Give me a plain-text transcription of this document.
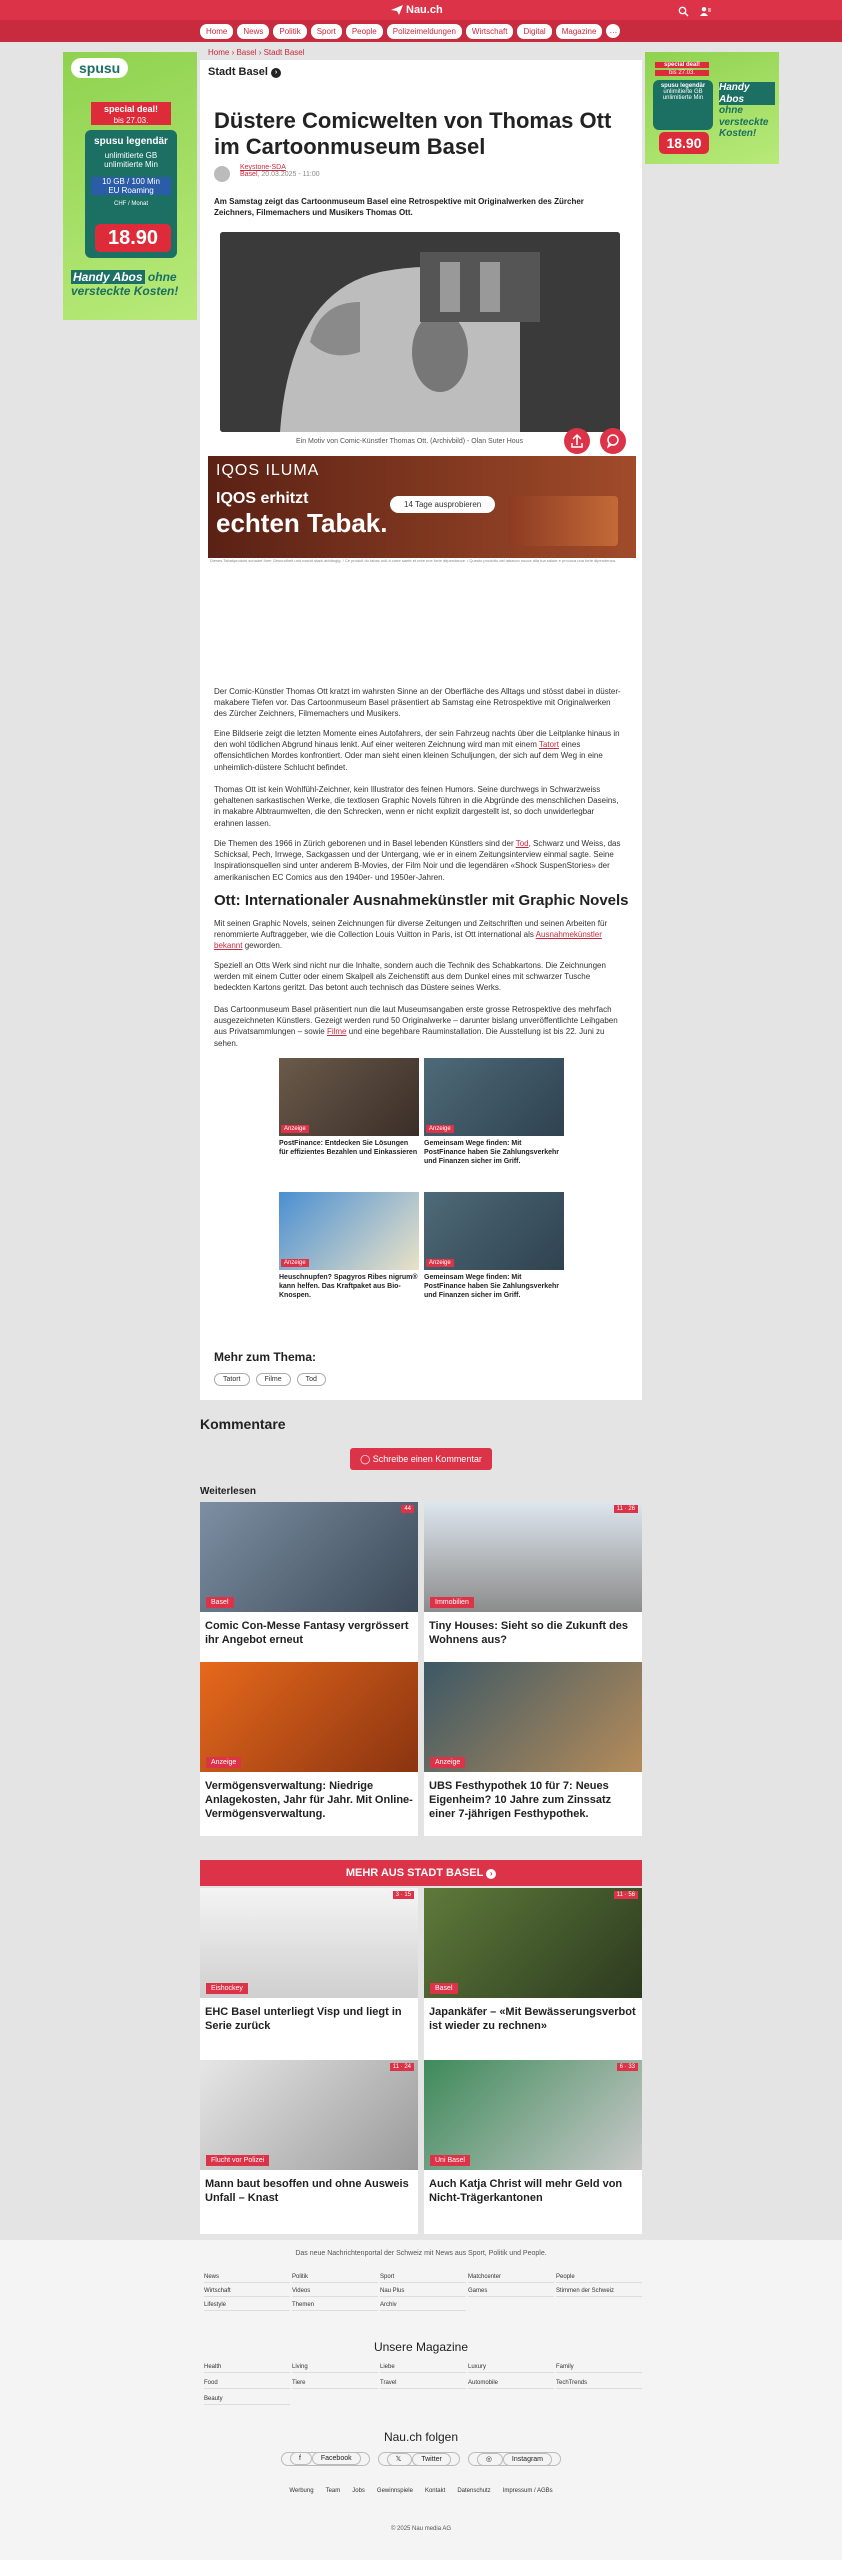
Nau.ch

Home	News	Politik	Sport	People	Polizeimeldungen	Wirtschaft	Digital	Magazine	…
spusu
special deal!
bis 27.03.
spusu legendär
unlimitierte GB
unlimitierte Min
10 GB / 100 Min
EU Roaming
CHF / Monat
18.90
Handy Abos ohne
versteckte Kosten!
special deal!
bis 27.03.
spusu legendär
unlimitierte GB
unlimitierte Min
18.90
Handy Abos
ohne
versteckte
Kosten!
Home › Basel › Stadt Basel
Stadt Basel ›
Düstere Comicwelten von Thomas Ott im Cartoonmuseum Basel
Keystone-SDA
Basel, 20.03.2025 - 11:00
Am Samstag zeigt das Cartoonmuseum Basel eine Retrospektive mit Originalwerken des Zürcher Zeichners, Filmemachers und Musikers Thomas Ott.
Ein Motiv von Comic-Künstler Thomas Ott. (Archivbild) - Olan Suter Hous
IQOS ILUMA
IQOS erhitzt
echten Tabak.
14 Tage ausprobieren
Dieses Tabakprodukt schadet Ihrer Gesundheit und macht stark abhängig. / Ce produit du tabac nuit à votre santé et crée une forte dépendance. / Questo prodotto del tabacco nuoce alla tua salute e provoca una forte dipendenza.

Der Comic-Künstler Thomas Ott kratzt im wahrsten Sinne an der Oberfläche des Alltags und stösst dabei in düster-makabere Tiefen vor. Das Cartoonmuseum Basel präsentiert ab Samstag eine Retrospektive mit Originalwerken des Zürcher Zeichners, Filmemachers und Musikers.

Eine Bildserie zeigt die letzten Momente eines Autofahrers, der sein Fahrzeug nachts über die Leitplanke hinaus in den wohl tödlichen Abgrund hinaus lenkt. Auf einer weiteren Zeichnung wird man mit einem Tatort eines offensichtlichen Mordes konfrontiert. Oder man sieht einen kleinen Schuljungen, der sich auf dem Weg in eine unheimlich-düstere Schlucht befindet.

Thomas Ott ist kein Wohlfühl-Zeichner, kein Illustrator des feinen Humors. Seine durchwegs in Schwarzweiss gehaltenen sarkastischen Werke, die textlosen Graphic Novels führen in die Abgründe des menschlichen Daseins, in makabre Albtraumwelten, die den Schrecken, wenn er nicht explizit dargestellt ist, so doch unwiderlegbar erahnen lassen.

Die Themen des 1966 in Zürich geborenen und in Basel lebenden Künstlers sind der Tod, Schwarz und Weiss, das Schicksal, Pech, Irrwege, Sackgassen und der Untergang, wie er in einem Zeitungsinterview einmal sagte. Seine Inspirationsquellen sind unter anderem B-Movies, der Film Noir und die legendären «Shock SuspenStories» der amerikanischen EC Comics aus den 1940er- und 1950er-Jahren.

Ott: Internationaler Ausnahmekünstler mit Graphic Novels

Mit seinen Graphic Novels, seinen Zeichnungen für diverse Zeitungen und Zeitschriften und seinen Arbeiten für renommierte Auftraggeber, wie die Collection Louis Vuitton in Paris, ist Ott international als Ausnahmekünstler bekannt geworden.

Speziell an Otts Werk sind nicht nur die Inhalte, sondern auch die Technik des Schabkartons. Die Zeichnungen werden mit einem Cutter oder einem Skalpell als Zeichenstift aus dem Dunkel eines mit schwarzer Tusche bedeckten Kartons geritzt. Das betont auch technisch das Düstere seines Werks.

Das Cartoonmuseum Basel präsentiert nun die laut Museumsangaben erste grosse Retrospektive des mehrfach ausgezeichneten Künstlers. Gezeigt werden rund 50 Originalwerke – darunter bislang unveröffentlichte Leihgaben aus Privatsammlungen – sowie Filme und eine begehbare Rauminstallation. Die Ausstellung ist bis 22. Juni zu sehen.

Anzeige
PostFinance: Entdecken Sie Lösungen für effizientes Bezahlen und Einkassieren
Anzeige
Gemeinsam Wege finden: Mit PostFinance haben Sie Zahlungsverkehr und Finanzen sicher im Griff.
Anzeige
Heuschnupfen? Spagyros Ribes nigrum® kann helfen. Das Kraftpaket aus Bio-Knospen.
Anzeige
Gemeinsam Wege finden: Mit PostFinance haben Sie Zahlungsverkehr und Finanzen sicher im Griff.
Mehr zum Thema:
Tatort	Filme	Tod
Kommentare
◯ Schreibe einen Kommentar
Weiterlesen
44
Basel
Comic Con-Messe Fantasy vergrössert ihr Angebot erneut
11 · 26
Immobilien
Tiny Houses: Sieht so die Zukunft des Wohnens aus?
Anzeige
Vermögensverwaltung: Niedrige Anlagekosten, Jahr für Jahr. Mit Online-Vermögensverwaltung.
Anzeige
UBS Festhypothek 10 für 7: Neues Eigenheim? 10 Jahre zum Zinssatz einer 7-jährigen Festhypothek.
MEHR AUS STADT BASEL ›
3 · 15
Eishockey
EHC Basel unterliegt Visp und liegt in Serie zurück
11 · 56
Basel
Japankäfer – «Mit Bewässerungsverbot ist wieder zu rechnen»
11 · 24
Flucht vor Polizei
Mann baut besoffen und ohne Ausweis Unfall – Knast
6 · 33
Uni Basel
Auch Katja Christ will mehr Geld von Nicht-Trägerkantonen
Das neue Nachrichtenportal der Schweiz mit News aus Sport, Politik und People.
News	Politik	Sport	Matchcenter	People
Wirtschaft	Videos	Nau Plus	Games	Stimmen der Schweiz
Lifestyle	Themen	Archiv
Unsere Magazine
Health	Living	Liebe	Luxury	Family
Food	Tiere	Travel	Automobile	TechTrends
Beauty
Nau.ch folgen
f	Facebook	𝕏	Twitter	◎	Instagram
Werbung Team Jobs Gewinnspiele Kontakt Datenschutz Impressum / AGBs
© 2025 Nau media AG
